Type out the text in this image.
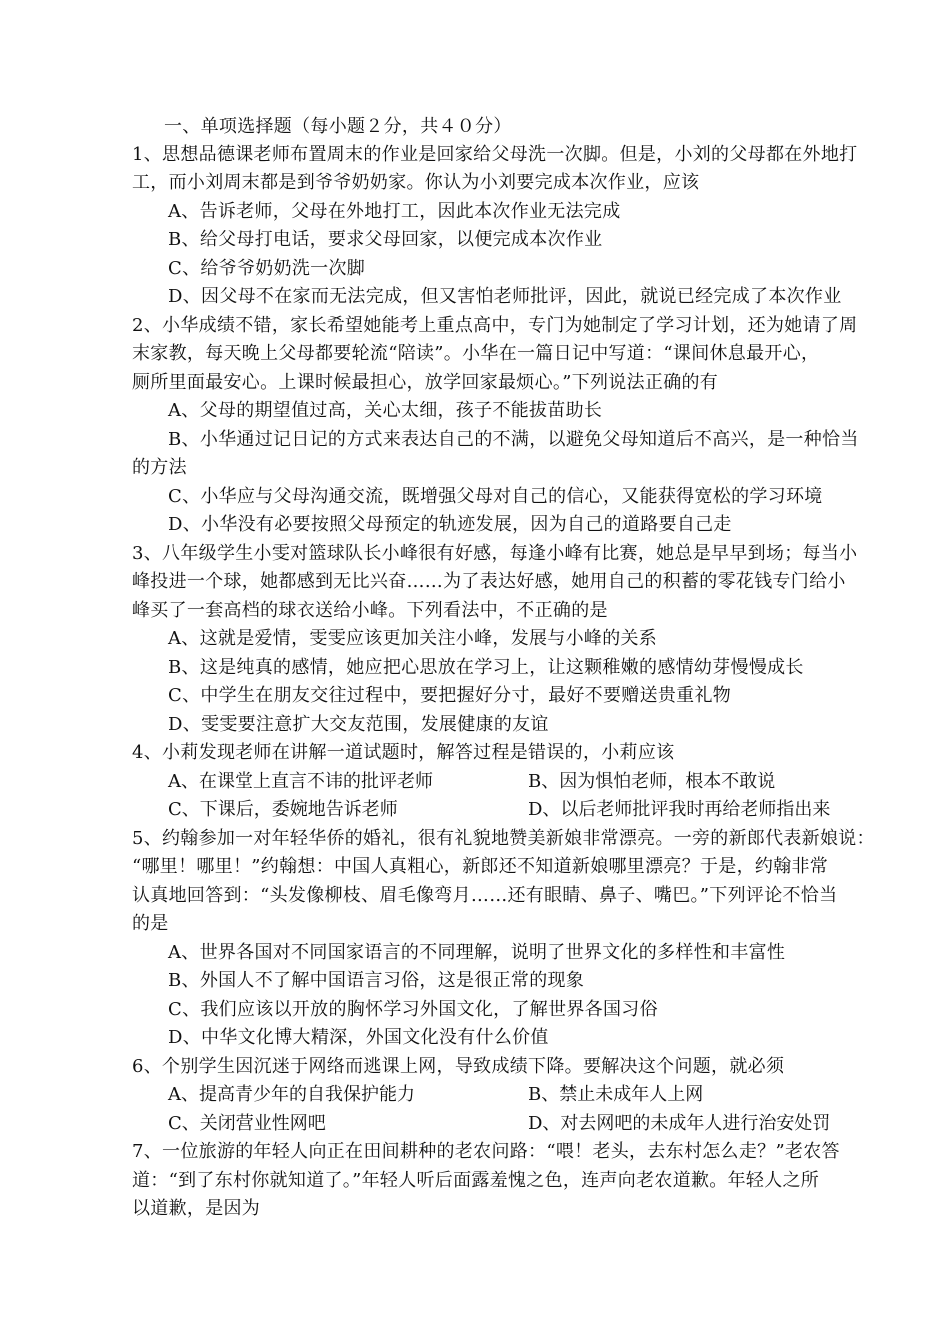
一、单项选择题（每小题２分，共４０分）
1、思想品德课老师布置周末的作业是回家给父母洗一次脚。但是，小刘的父母都在外地打
工，而小刘周末都是到爷爷奶奶家。你认为小刘要完成本次作业，应该
A、告诉老师，父母在外地打工，因此本次作业无法完成
B、给父母打电话，要求父母回家，以便完成本次作业
C、给爷爷奶奶洗一次脚
D、因父母不在家而无法完成，但又害怕老师批评，因此，就说已经完成了本次作业
2、小华成绩不错，家长希望她能考上重点高中，专门为她制定了学习计划，还为她请了周
末家教，每天晚上父母都要轮流“陪读”。小华在一篇日记中写道：“课间休息最开心，
厕所里面最安心。上课时候最担心，放学回家最烦心。”下列说法正确的有
A、父母的期望值过高，关心太细，孩子不能拔苗助长
B、小华通过记日记的方式来表达自己的不满，以避免父母知道后不高兴，是一种恰当
的方法
C、小华应与父母沟通交流，既增强父母对自己的信心，又能获得宽松的学习环境
D、小华没有必要按照父母预定的轨迹发展，因为自己的道路要自己走
3、八年级学生小雯对篮球队长小峰很有好感，每逢小峰有比赛，她总是早早到场；每当小
峰投进一个球，她都感到无比兴奋……为了表达好感，她用自己的积蓄的零花钱专门给小
峰买了一套高档的球衣送给小峰。下列看法中，不正确的是
A、这就是爱情，雯雯应该更加关注小峰，发展与小峰的关系
B、这是纯真的感情，她应把心思放在学习上，让这颗稚嫩的感情幼芽慢慢成长
C、中学生在朋友交往过程中，要把握好分寸，最好不要赠送贵重礼物
D、雯雯要注意扩大交友范围，发展健康的友谊
4、小莉发现老师在讲解一道试题时，解答过程是错误的，小莉应该
A、在课堂上直言不讳的批评老师	B、因为惧怕老师，根本不敢说
C、下课后，委婉地告诉老师	D、以后老师批评我时再给老师指出来
5、约翰参加一对年轻华侨的婚礼，很有礼貌地赞美新娘非常漂亮。一旁的新郎代表新娘说：
“哪里！哪里！”约翰想：中国人真粗心，新郎还不知道新娘哪里漂亮？于是，约翰非常
认真地回答到：“头发像柳枝、眉毛像弯月……还有眼睛、鼻子、嘴巴。”下列评论不恰当
的是
A、世界各国对不同国家语言的不同理解，说明了世界文化的多样性和丰富性
B、外国人不了解中国语言习俗，这是很正常的现象
C、我们应该以开放的胸怀学习外国文化，了解世界各国习俗
D、中华文化博大精深，外国文化没有什么价值
6、个别学生因沉迷于网络而逃课上网，导致成绩下降。要解决这个问题，就必须
A、提高青少年的自我保护能力	B、禁止未成年人上网
C、关闭营业性网吧	D、对去网吧的未成年人进行治安处罚
7、一位旅游的年轻人向正在田间耕种的老农问路：“喂！老头，去东村怎么走？”老农答
道：“到了东村你就知道了。”年轻人听后面露羞愧之色，连声向老农道歉。年轻人之所
以道歉，是因为
